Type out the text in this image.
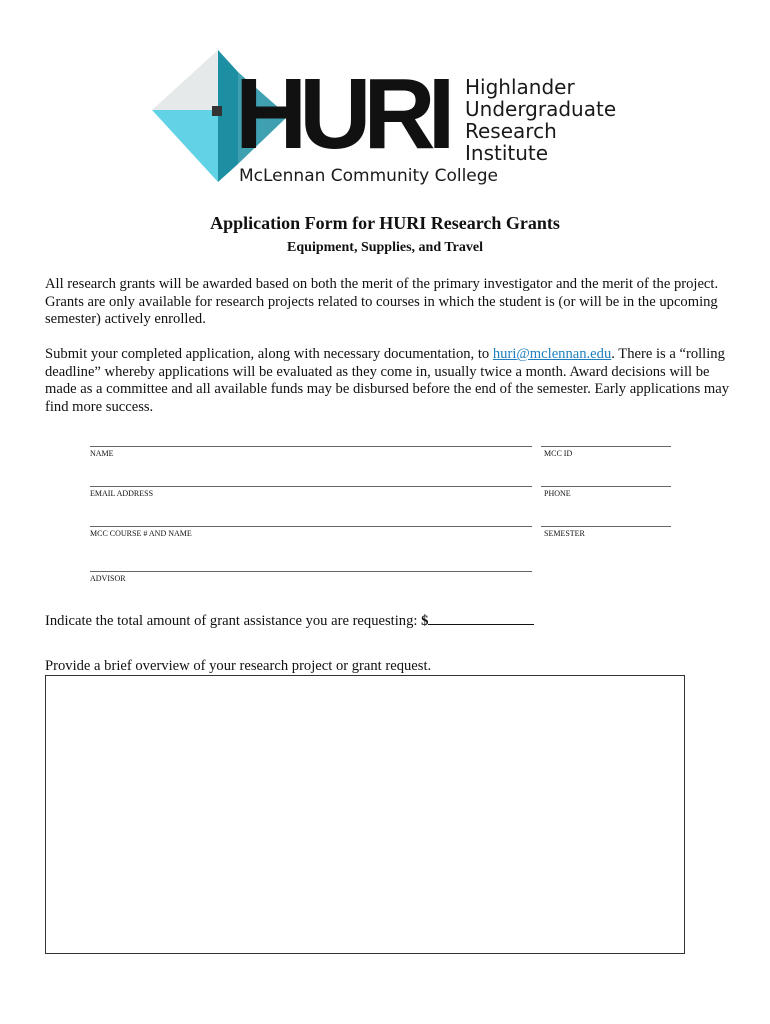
HURI Highlander
Undergraduate
Research
Institute
McLennan Community College
Application Form for HURI Research Grants
Equipment, Supplies, and Travel

All research grants will be awarded based on both the merit of the primary investigator and the merit of the project. Grants are only available for research projects related to courses in which the student is (or will be in the upcoming semester) actively enrolled.

Submit your completed application, along with necessary documentation, to huri@mclennan.edu. There is a “rolling deadline” whereby applications will be evaluated as they come in, usually twice a month. Award decisions will be made as a committee and all available funds may be disbursed before the end of the semester. Early applications may find more success.

NAME	MCC ID
EMAIL ADDRESS	PHONE
MCC COURSE # AND NAME	SEMESTER
ADVISOR

Indicate the total amount of grant assistance you are requesting: $

Provide a brief overview of your research project or grant request.
